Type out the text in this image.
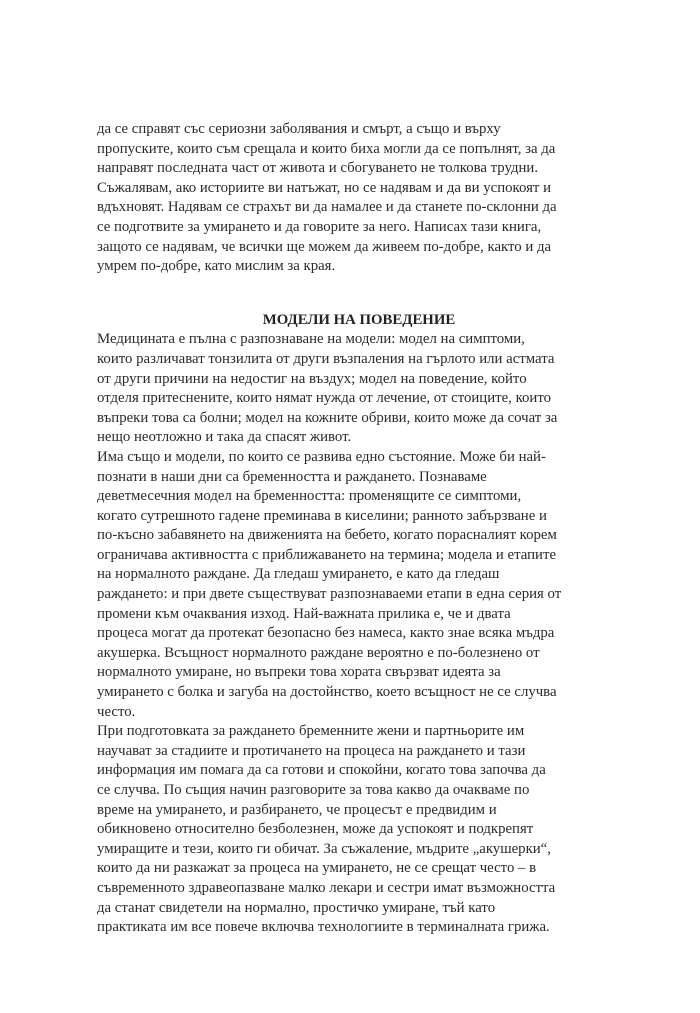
да се справят със сериозни заболявания и смърт, а също и върху
пропуските, които съм срещала и които биха могли да се попълнят, за да
направят последната част от живота и сбогуването не толкова трудни.
Съжалявам, ако историите ви натъжат, но се надявам и да ви успокоят и
вдъхновят. Надявам се страхът ви да намалее и да станете по-склонни да
се подготвите за умирането и да говорите за него. Написах тази книга,
защото се надявам, че всички ще можем да живеем по-добре, както и да
умрем по-добре, като мислим за края.
МОДЕЛИ НА ПОВЕДЕНИЕ
Медицината е пълна с разпознаване на модели: модел на симптоми,
които различават тонзилита от други възпаления на гърлото или астмата
от други причини на недостиг на въздух; модел на поведение, който
отделя притеснените, които нямат нужда от лечение, от стоиците, които
въпреки това са болни; модел на кожните обриви, които може да сочат за
нещо неотложно и така да спасят живот.
Има също и модели, по които се развива едно състояние. Може би най-
познати в наши дни са бременността и раждането. Познаваме
деветмесечния модел на бременността: променящите се симптоми,
когато сутрешното гадене преминава в киселини; ранното забързване и
по-късно забавянето на движенията на бебето, когато порасналият корем
ограничава активността с приближаването на термина; модела и етапите
на нормалното раждане. Да гледаш умирането, е като да гледаш
раждането: и при двете съществуват разпознаваеми етапи в една серия от
промени към очаквания изход. Най-важната прилика е, че и двата
процеса могат да протекат безопасно без намеса, както знае всяка мъдра
акушерка. Всъщност нормалното раждане вероятно е по-болезнено от
нормалното умиране, но въпреки това хората свързват идеята за
умирането с болка и загуба на достойнство, което всъщност не се случва
често.
При подготовката за раждането бременните жени и партньорите им
научават за стадиите и протичането на процеса на раждането и тази
информация им помага да са готови и спокойни, когато това започва да
се случва. По същия начин разговорите за това какво да очакваме по
време на умирането, и разбирането, че процесът е предвидим и
обикновено относително безболезнен, може да успокоят и подкрепят
умиращите и тези, които ги обичат. За съжаление, мъдрите „акушерки“,
които да ни разкажат за процеса на умирането, не се срещат често – в
съвременното здравеопазване малко лекари и сестри имат възможността
да станат свидетели на нормално, простичко умиране, тъй като
практиката им все повече включва технологиите в терминалната грижа.
